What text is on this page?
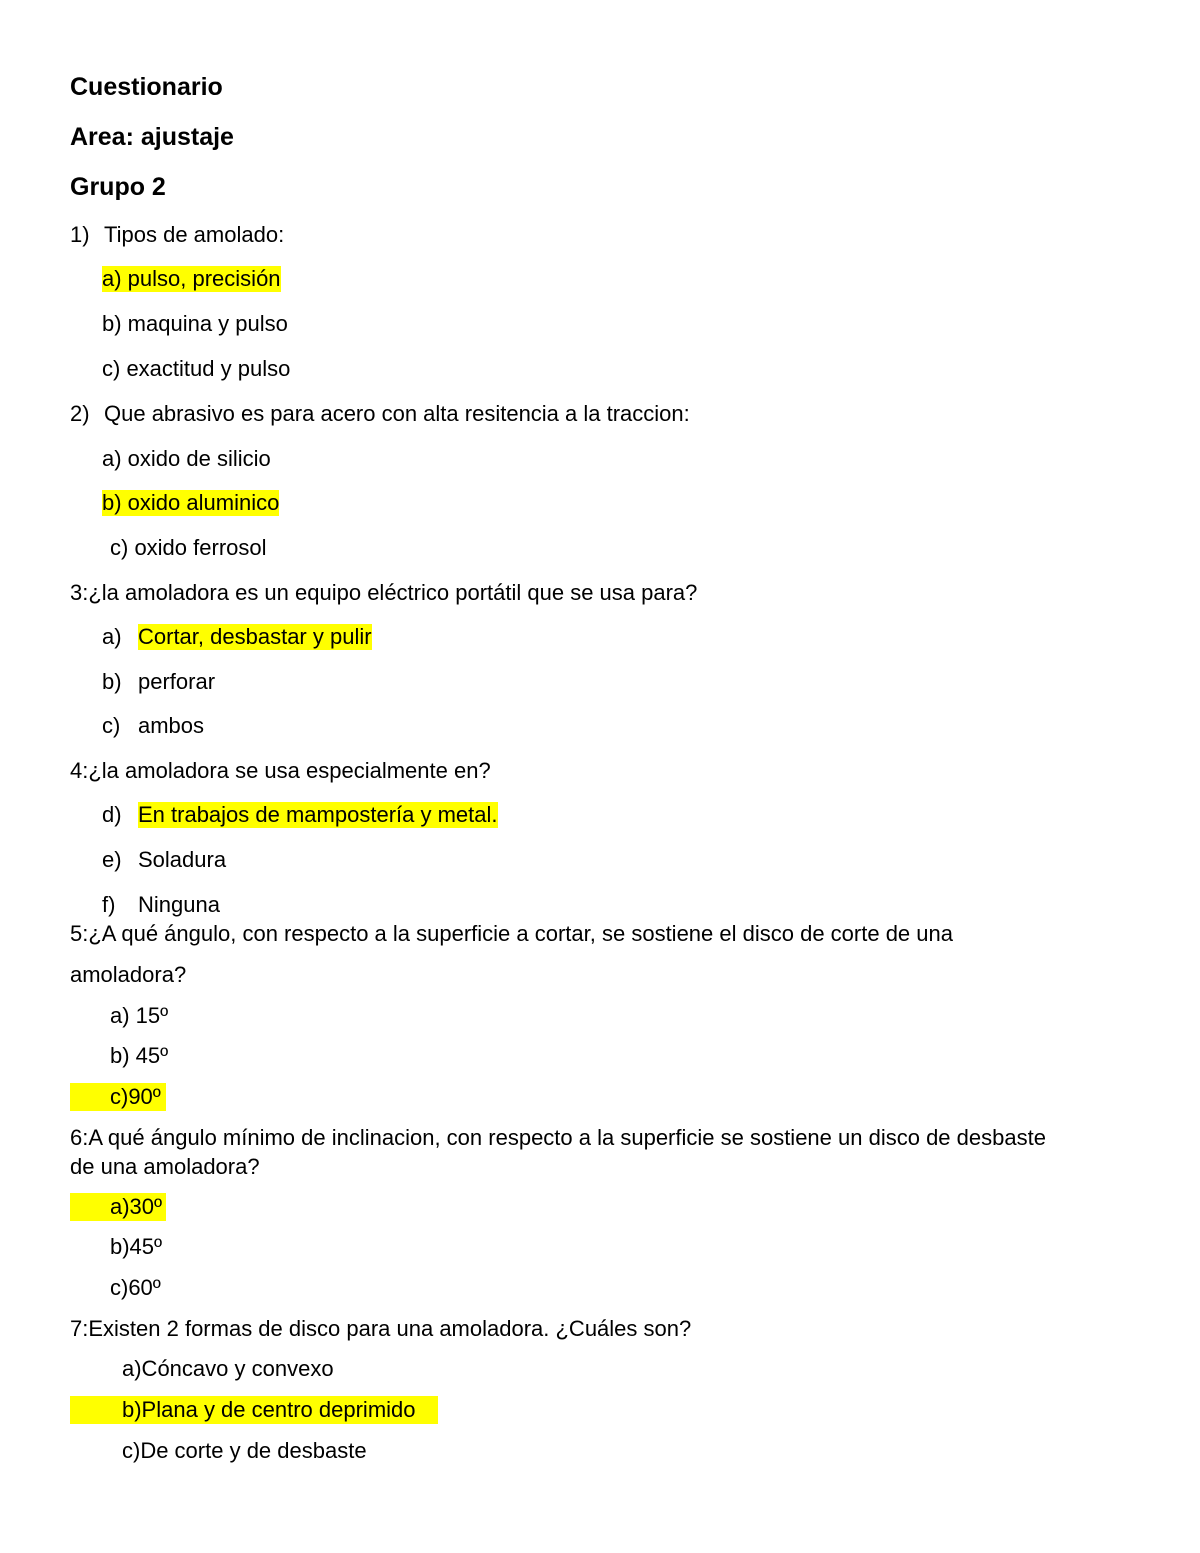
Cuestionario
Area: ajustaje
Grupo 2
1) Tipos de amolado:
a) pulso, precisión
b) maquina y pulso
c) exactitud y pulso
2) Que abrasivo es para acero con alta resitencia a la traccion:
a) oxido de silicio
b) oxido aluminico
c) oxido ferrosol
3:¿la amoladora es un equipo eléctrico portátil que se usa para?
a) Cortar, desbastar y pulir
b) perforar
c) ambos
4:¿la amoladora se usa especialmente en?
d) En trabajos de mampostería y metal.
e) Soladura
f) Ninguna
5:¿A qué ángulo, con respecto a la superficie a cortar, se sostiene el disco de corte de una
amoladora?
a) 15º
b) 45º
c)90º
6:A qué ángulo mínimo de inclinacion, con respecto a la superficie se sostiene un disco de desbaste
de una amoladora?
a)30º
b)45º
c)60º
7:Existen 2 formas de disco para una amoladora. ¿Cuáles son?
a)Cóncavo y convexo
b)Plana y de centro deprimido
c)De corte y de desbaste
